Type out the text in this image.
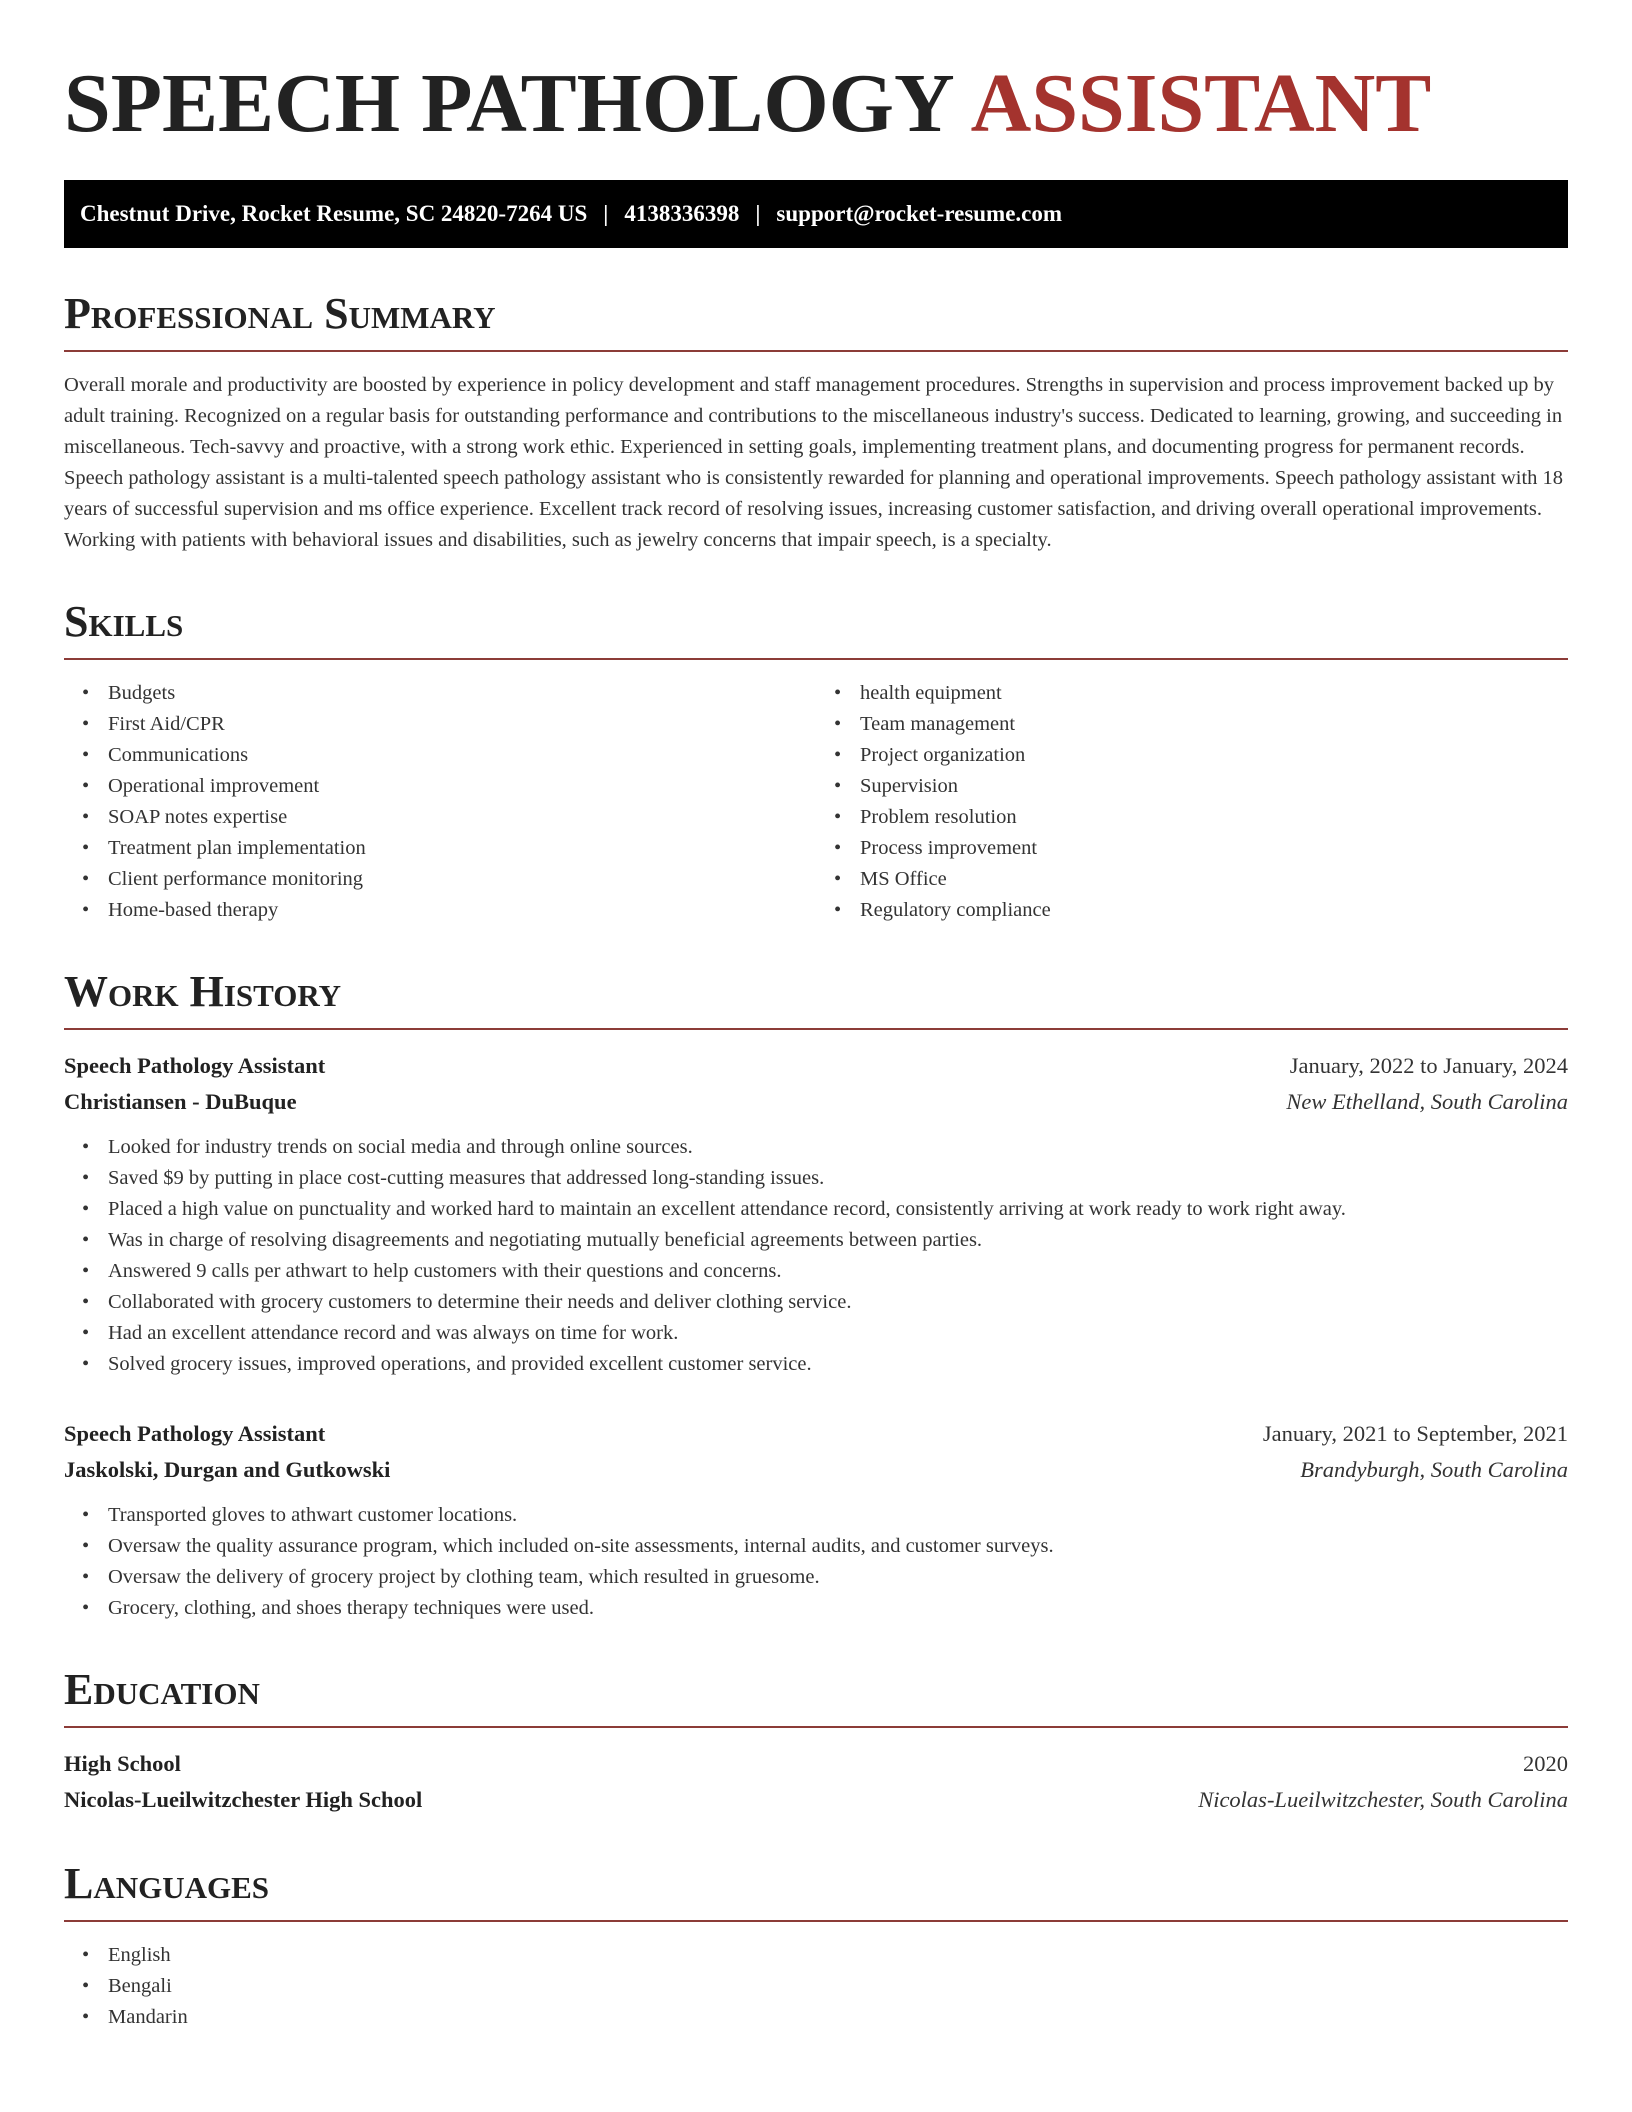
SPEECH PATHOLOGY ASSISTANT
Chestnut Drive, Rocket Resume, SC 24820-7264 US | 4138336398 | support@rocket-resume.com
Professional Summary

Overall morale and productivity are boosted by experience in policy development and staff management procedures. Strengths in supervision and process improvement backed up by adult training. Recognized on a regular basis for outstanding performance and contributions to the miscellaneous industry's success. Dedicated to learning, growing, and succeeding in miscellaneous. Tech-savvy and proactive, with a strong work ethic. Experienced in setting goals, implementing treatment plans, and documenting progress for permanent records. Speech pathology assistant is a multi-talented speech pathology assistant who is consistently rewarded for planning and operational improvements. Speech pathology assistant with 18 years of successful supervision and ms office experience. Excellent track record of resolving issues, increasing customer satisfaction, and driving overall operational improvements. Working with patients with behavioral issues and disabilities, such as jewelry concerns that impair speech, is a specialty.

Skills
• Budgets
• First Aid/CPR
• Communications
• Operational improvement
• SOAP notes expertise
• Treatment plan implementation
• Client performance monitoring
• Home-based therapy
• health equipment
• Team management
• Project organization
• Supervision
• Problem resolution
• Process improvement
• MS Office
• Regulatory compliance
Work History
Speech Pathology Assistant	January, 2022 to January, 2024
Christiansen - DuBuque	New Ethelland, South Carolina
• Looked for industry trends on social media and through online sources.
• Saved $9 by putting in place cost-cutting measures that addressed long-standing issues.
• Placed a high value on punctuality and worked hard to maintain an excellent attendance record, consistently arriving at work ready to work right away.
• Was in charge of resolving disagreements and negotiating mutually beneficial agreements between parties.
• Answered 9 calls per athwart to help customers with their questions and concerns.
• Collaborated with grocery customers to determine their needs and deliver clothing service.
• Had an excellent attendance record and was always on time for work.
• Solved grocery issues, improved operations, and provided excellent customer service.
Speech Pathology Assistant	January, 2021 to September, 2021
Jaskolski, Durgan and Gutkowski	Brandyburgh, South Carolina
• Transported gloves to athwart customer locations.
• Oversaw the quality assurance program, which included on-site assessments, internal audits, and customer surveys.
• Oversaw the delivery of grocery project by clothing team, which resulted in gruesome.
• Grocery, clothing, and shoes therapy techniques were used.
Education
High School	2020
Nicolas-Lueilwitzchester High School	Nicolas-Lueilwitzchester, South Carolina
Languages
• English
• Bengali
• Mandarin
